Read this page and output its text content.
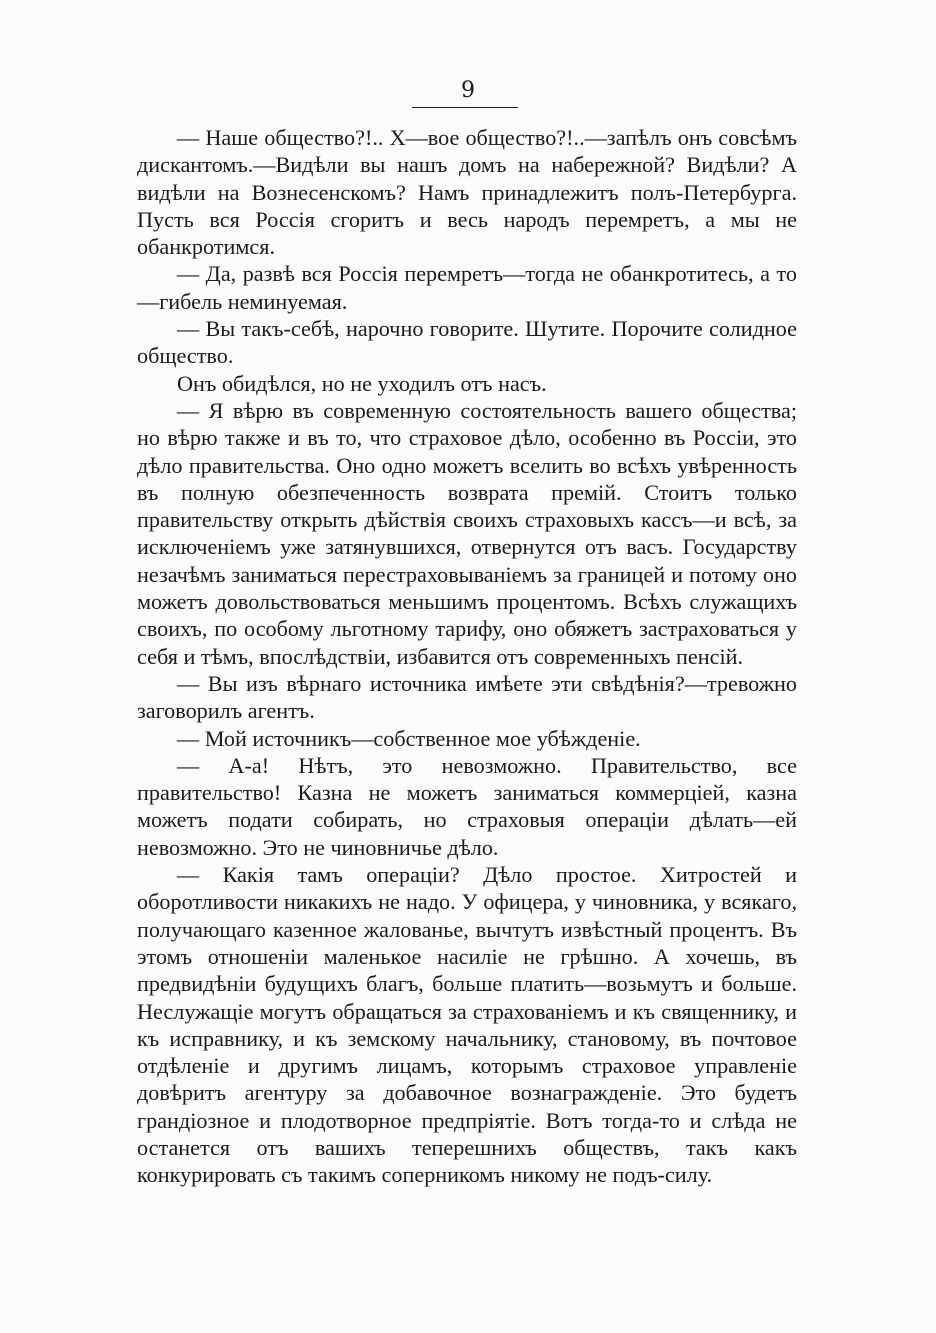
9

— Наше общество?!.. Х—вое общество?!..—запѣлъ онъ совсѣмъ дискантомъ.—Видѣли вы нашъ домъ на набережной? Видѣли? А видѣли на Вознесенскомъ? Намъ принадлежитъ полъ-Петербурга. Пусть вся Россія сгоритъ и весь народъ перемретъ, а мы не обанкротимся.

— Да, развѣ вся Россія перемретъ—тогда не обанкротитесь, а то—гибель неминуемая.

— Вы такъ-себѣ, нарочно говорите. Шутите. Порочите солидное общество.

Онъ обидѣлся, но не уходилъ отъ насъ.

— Я вѣрю въ современную состоятельность вашего общества; но вѣрю также и въ то, что страховое дѣло, особенно въ Россіи, это дѣло правительства. Оно одно можетъ вселить во всѣхъ увѣренность въ полную обезпеченность возврата премій. Стоитъ только правительству открыть дѣйствія своихъ страховыхъ кассъ—и всѣ, за исключеніемъ уже затянувшихся, отвернутся отъ васъ. Государству незачѣмъ заниматься перестраховываніемъ за границей и потому оно можетъ довольствоваться меньшимъ процентомъ. Всѣхъ служащихъ своихъ, по особому льготному тарифу, оно обяжетъ застраховаться у себя и тѣмъ, впослѣдствіи, избавится отъ современныхъ пенсій.

— Вы изъ вѣрнаго источника имѣете эти свѣдѣнія?—тревожно заговорилъ агентъ.

— Мой источникъ—собственное мое убѣжденіе.

— А-а! Нѣтъ, это невозможно. Правительство, все правительство! Казна не можетъ заниматься коммерціей, казна можетъ подати собирать, но страховыя операціи дѣлать—ей невозможно. Это не чиновничье дѣло.

— Какія тамъ операціи? Дѣло простое. Хитростей и оборотливости никакихъ не надо. У офицера, у чиновника, у всякаго, получающаго казенное жалованье, вычтутъ извѣстный процентъ. Въ этомъ отношеніи маленькое насиліе не грѣшно. А хочешь, въ предвидѣніи будущихъ благъ, больше платить—возьмутъ и больше. Неслужащіе могутъ обращаться за страхованіемъ и къ священнику, и къ исправнику, и къ земскому начальнику, становому, въ почтовое отдѣленіе и другимъ лицамъ, которымъ страховое управленіе довѣритъ агентуру за добавочное вознагражденіе. Это будетъ грандіозное и плодотворное предпріятіе. Вотъ тогда-то и слѣда не останется отъ вашихъ теперешнихъ обществъ, такъ какъ конкурировать съ такимъ соперникомъ никому не подъ-силу.
